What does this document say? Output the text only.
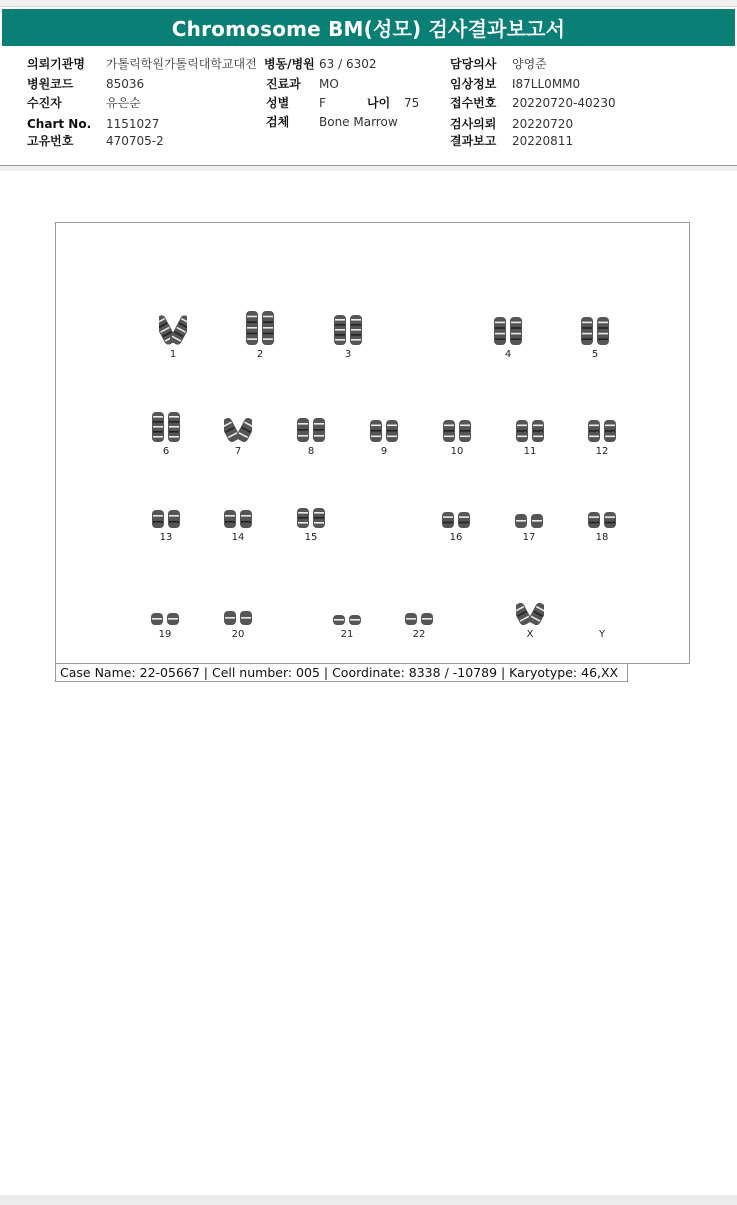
Chromosome BM(성모) 검사결과보고서
의뢰기관명 가톨릭학원가톨릭대학교대전
병원코드	85036
수진자	유은순
Chart No. 1151027
고유번호	470705-2
병동/병원 63 / 6302
진료과 MO
성별 F	나이 75
검체 Bone Marrow
담당의사 양영준
임상정보 I87LL0MM0
접수번호 20220720-40230
검사의뢰 20220720
결과보고 20220811
1	2	3	4	5
6	7	8	9	10	11	12
13	14	15	16	17	18
19	20	21	22	X	Y
Case Name: 22-05667 | Cell number: 005 | Coordinate: 8338 / -10789 | Karyotype: 46,XX
